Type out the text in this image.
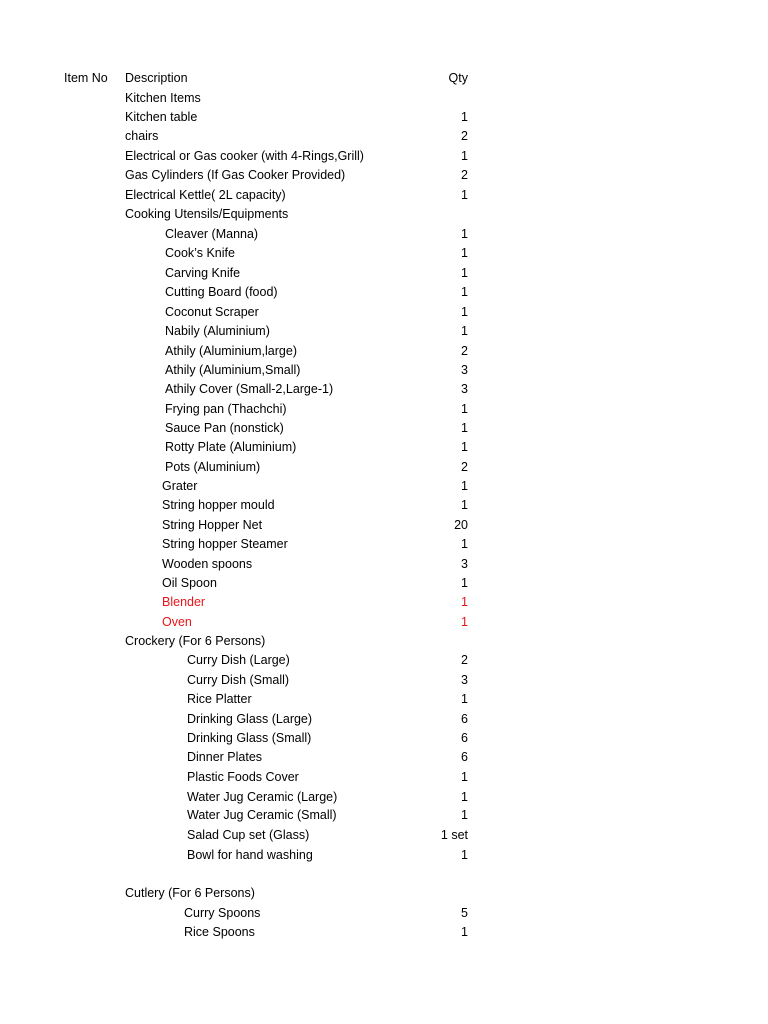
Item No Description	Qty
Kitchen Items
Kitchen table	1
chairs	2
Electrical or Gas cooker (with 4-Rings,Grill)	1
Gas Cylinders (If Gas Cooker Provided)	2
Electrical Kettle( 2L capacity)	1
Cooking Utensils/Equipments
Cleaver (Manna)	1
Cook’s Knife	1
Carving Knife	1
Cutting Board (food)	1
Coconut Scraper	1
Nabily (Aluminium)	1
Athily (Aluminium,large)	2
Athily (Aluminium,Small)	3
Athily Cover (Small-2,Large-1)	3
Frying pan (Thachchi)	1
Sauce Pan (nonstick)	1
Rotty Plate (Aluminium)	1
Pots (Aluminium)	2
Grater	1
String hopper mould	1
String Hopper Net	20
String hopper Steamer	1
Wooden spoons	3
Oil Spoon	1
Blender	1
Oven	1
Crockery (For 6 Persons)
Curry Dish (Large)	2
Curry Dish (Small)	3
Rice Platter	1
Drinking Glass (Large)	6
Drinking Glass (Small)	6
Dinner Plates	6
Plastic Foods Cover	1
Water Jug Ceramic (Large)	1
Water Jug Ceramic (Small)	1
Salad Cup set (Glass)	1 set
Bowl for hand washing	1
Cutlery (For 6 Persons)
Curry Spoons	5
Rice Spoons	1
